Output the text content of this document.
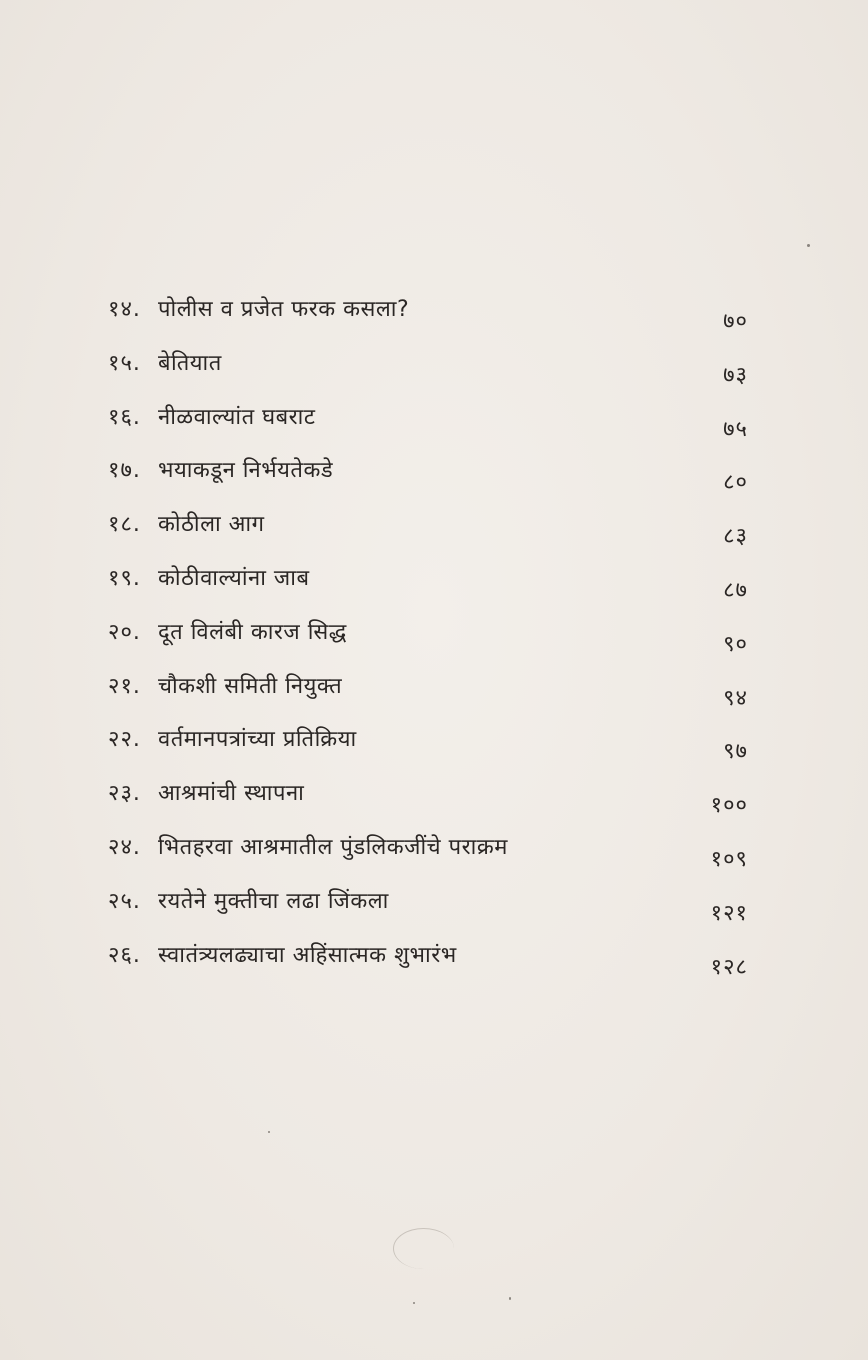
१४. पोलीस व प्रजेत फरक कसला?	७०
१५. बेतियात	७३
१६. नीळवाल्यांत घबराट	७५
१७. भयाकडून निर्भयतेकडे	८०
१८. कोठीला आग	८३
१९. कोठीवाल्यांना जाब	८७
२०. दूत विलंबी कारज सिद्ध	९०
२१. चौकशी समिती नियुक्त	९४
२२. वर्तमानपत्रांच्या प्रतिक्रिया	९७
२३. आश्रमांची स्थापना	१००
२४. भितहरवा आश्रमातील पुंडलिकजींचे पराक्रम	१०९
२५. रयतेने मुक्तीचा लढा जिंकला	१२१
२६. स्वातंत्र्यलढ्याचा अहिंसात्मक शुभारंभ	१२८
